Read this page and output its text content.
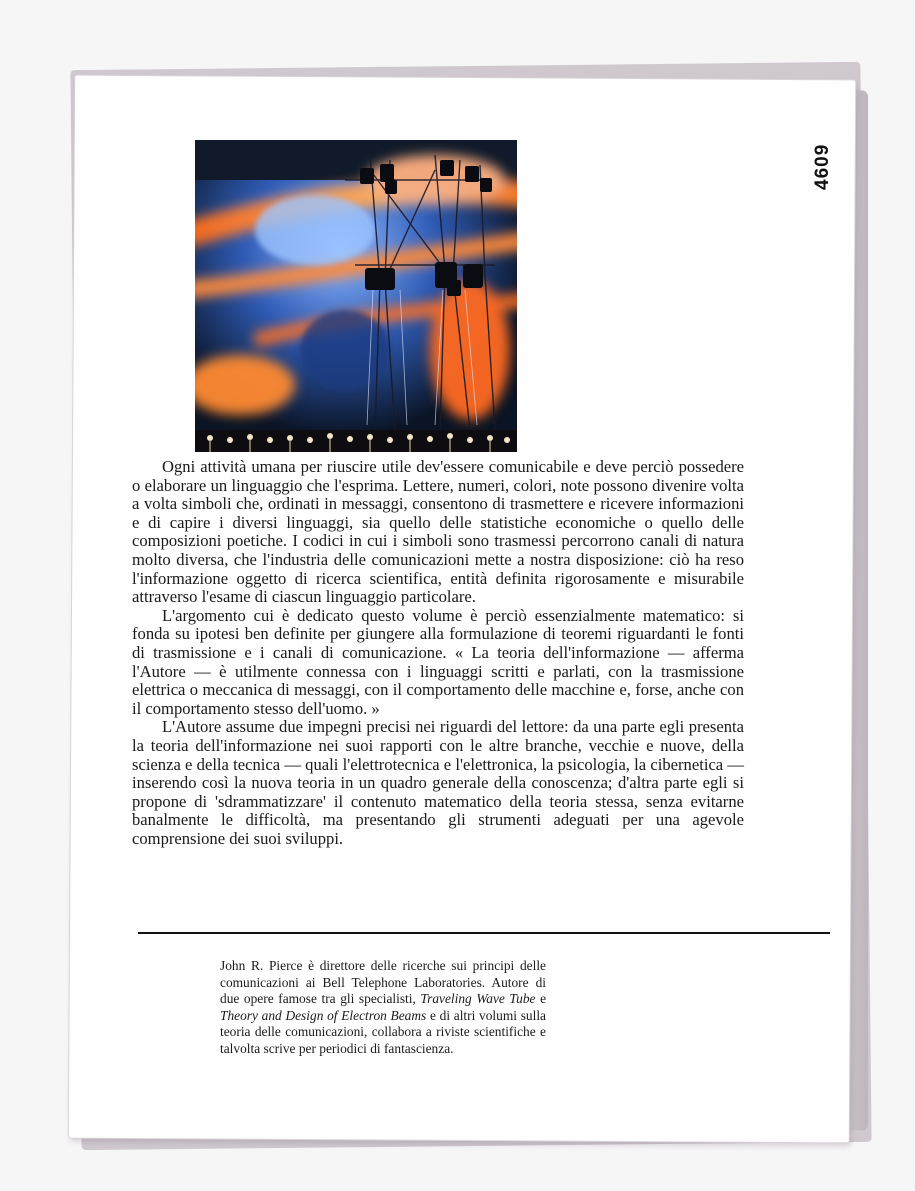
4609

Ogni attività umana per riuscire utile dev'essere comunicabile e deve perciò possedere o elaborare un linguaggio che l'esprima. Lettere, numeri, colori, note possono divenire volta a volta simboli che, ordinati in messaggi, consentono di trasmettere e ricevere informazioni e di capire i diversi linguaggi, sia quello delle statistiche economiche o quello delle composizioni poetiche. I codici in cui i simboli sono trasmessi percorrono canali di natura molto diversa, che l'industria delle comunicazioni mette a nostra disposizione: ciò ha reso l'informazione oggetto di ricerca scientifica, entità definita rigorosamente e misurabile attraverso l'esame di ciascun linguaggio particolare.

L'argomento cui è dedicato questo volume è perciò essenzialmente matematico: si fonda su ipotesi ben definite per giungere alla formulazione di teoremi riguardanti le fonti di trasmissione e i canali di comunicazione. « La teoria dell'informazione — afferma l'Autore — è utilmente connessa con i linguaggi scritti e parlati, con la trasmissione elettrica o meccanica di messaggi, con il comportamento delle macchine e, forse, anche con il comportamento stesso dell'uomo. »

L'Autore assume due impegni precisi nei riguardi del lettore: da una parte egli presenta la teoria dell'informazione nei suoi rapporti con le altre branche, vecchie e nuove, della scienza e della tecnica — quali l'elettrotecnica e l'elettronica, la psicologia, la cibernetica — inserendo così la nuova teoria in un quadro generale della conoscenza; d'altra parte egli si propone di 'sdrammatizzare' il contenuto matematico della teoria stessa, senza evitarne banalmente le difficoltà, ma presentando gli strumenti adeguati per una agevole comprensione dei suoi sviluppi.

John R. Pierce è direttore delle ricerche sui principi delle comunicazioni ai Bell Telephone Laboratories. Autore di due opere famose tra gli specialisti, Traveling Wave Tube e Theory and Design of Electron Beams e di altri volumi sulla teoria delle comunicazioni, collabora a riviste scientifiche e talvolta scrive per periodici di fantascienza.
